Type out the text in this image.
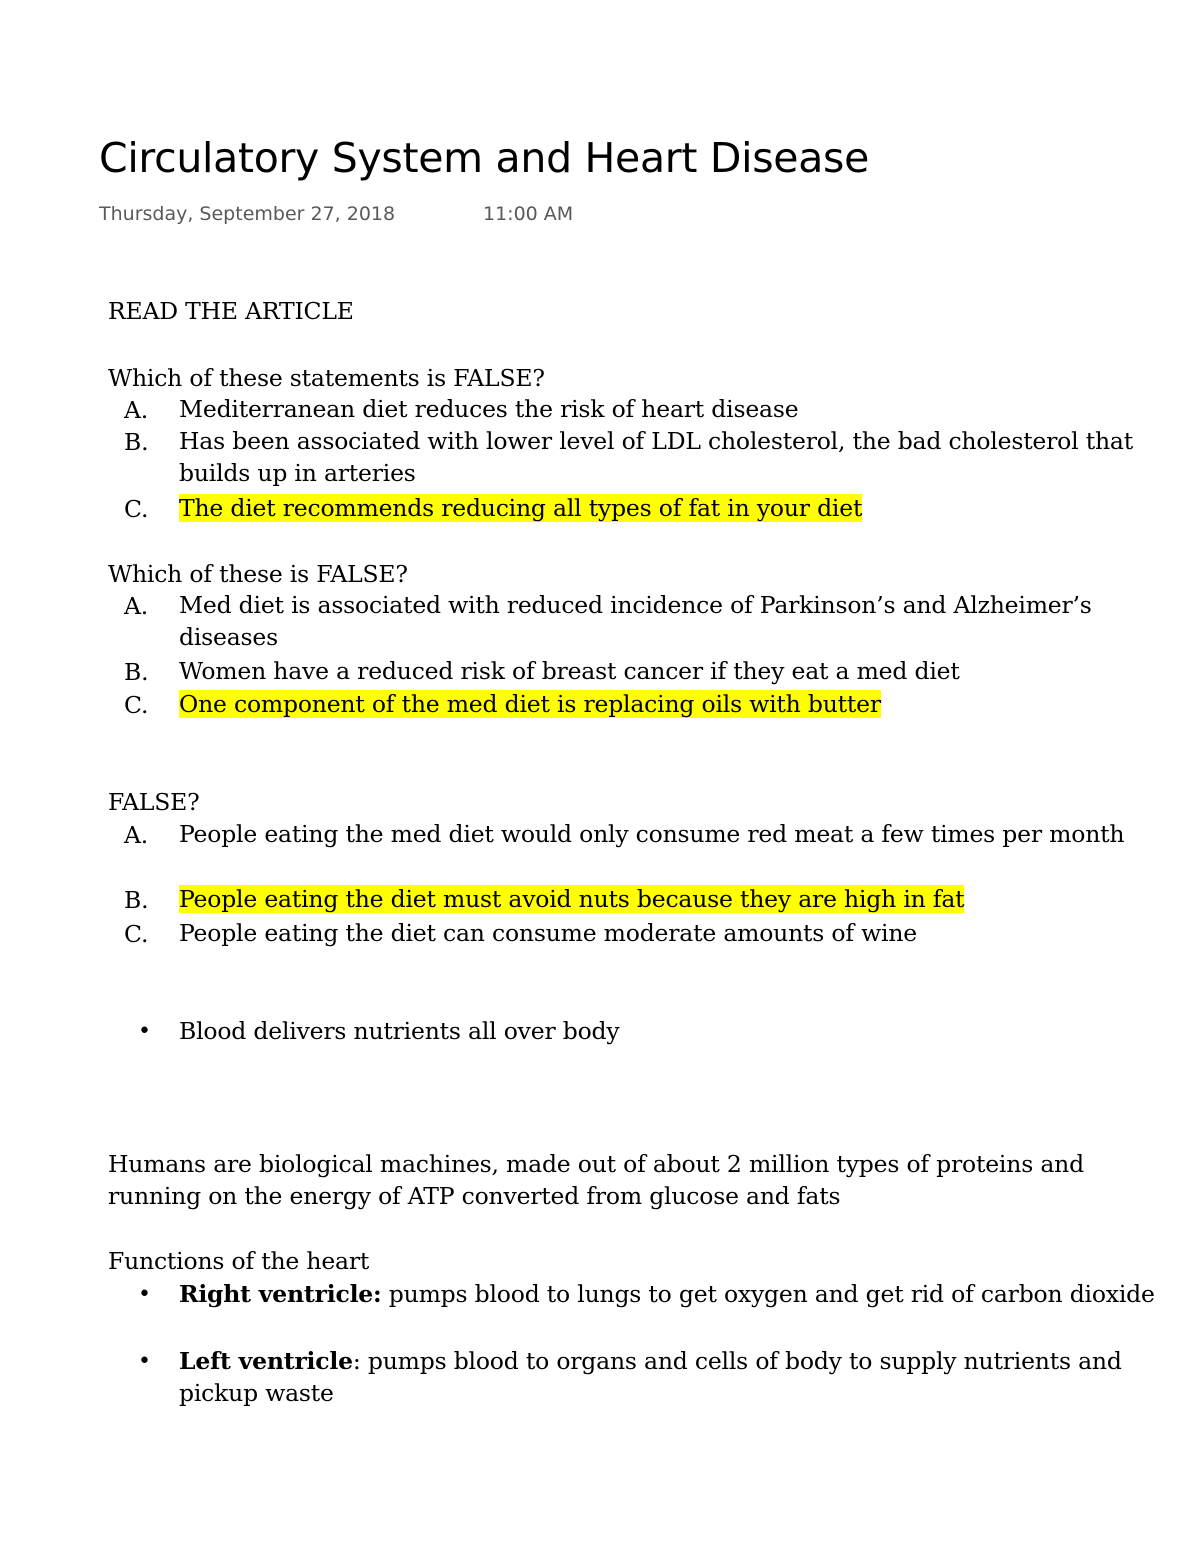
Circulatory System and Heart Disease
Thursday, September 27, 2018	11:00 AM
READ THE ARTICLE
Which of these statements is FALSE?
A. Mediterranean diet reduces the risk of heart disease
B. Has been associated with lower level of LDL cholesterol, the bad cholesterol that builds up in arteries
C. The diet recommends reducing all types of fat in your diet
Which of these is FALSE?
A. Med diet is associated with reduced incidence of Parkinson’s and Alzheimer’s diseases
B. Women have a reduced risk of breast cancer if they eat a med diet
C. One component of the med diet is replacing oils with butter
FALSE?
A. People eating the med diet would only consume red meat a few times per month
B. People eating the diet must avoid nuts because they are high in fat
C. People eating the diet can consume moderate amounts of wine
• Blood delivers nutrients all over body
Humans are biological machines, made out of about 2 million types of proteins and running on the energy of ATP converted from glucose and fats
Functions of the heart
• Right ventricle: pumps blood to lungs to get oxygen and get rid of carbon dioxide
• Left ventricle: pumps blood to organs and cells of body to supply nutrients and pickup waste
